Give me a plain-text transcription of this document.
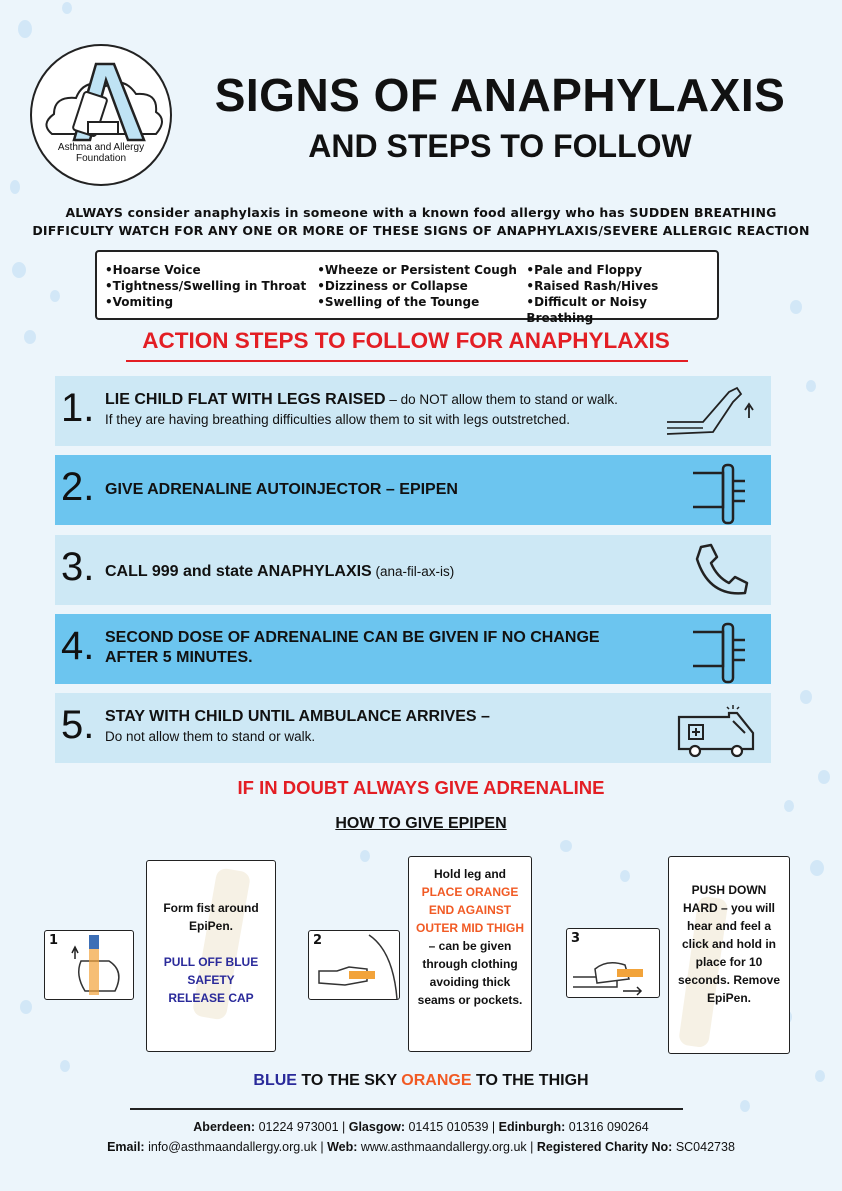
Asthma and Allergy
Foundation
SIGNS OF ANAPHYLAXIS
AND STEPS TO FOLLOW
ALWAYS consider anaphylaxis in someone with a known food allergy who has SUDDEN BREATHING
DIFFICULTY WATCH FOR ANY ONE OR MORE OF THESE SIGNS OF ANAPHYLAXIS/SEVERE ALLERGIC REACTION
•Hoarse Voice
•Tightness/Swelling in Throat
•Vomiting
•Wheeze or Persistent Cough
•Dizziness or Collapse
•Swelling of the Tounge
•Pale and Floppy
•Raised Rash/Hives
•Difficult or Noisy Breathing
ACTION STEPS TO FOLLOW FOR ANAPHYLAXIS
1. LIE CHILD FLAT WITH LEGS RAISED – do NOT allow them to stand or walk.
If they are having breathing difficulties allow them to sit with legs outstretched.
2. GIVE ADRENALINE AUTOINJECTOR – EPIPEN
3. CALL 999 and state ANAPHYLAXIS (ana-fil-ax-is)
4. SECOND DOSE OF ADRENALINE CAN BE GIVEN IF NO CHANGE
AFTER 5 MINUTES.
5. STAY WITH CHILD UNTIL AMBULANCE ARRIVES –
Do not allow them to stand or walk.
IF IN DOUBT ALWAYS GIVE ADRENALINE
HOW TO GIVE EPIPEN
1
Form fist around EpiPen.
PULL OFF BLUE SAFETY RELEASE CAP
2
Hold leg and
PLACE ORANGE END AGAINST OUTER MID THIGH – can be given through clothing avoiding thick seams or pockets.
3
PUSH DOWN HARD – you will hear and feel a click and hold in place for 10 seconds. Remove EpiPen.
BLUE TO THE SKY ORANGE TO THE THIGH
Aberdeen: 01224 973001 | Glasgow: 01415 010539 | Edinburgh: 01316 090264
Email: info@asthmaandallergy.org.uk | Web: www.asthmaandallergy.org.uk | Registered Charity No: SC042738
